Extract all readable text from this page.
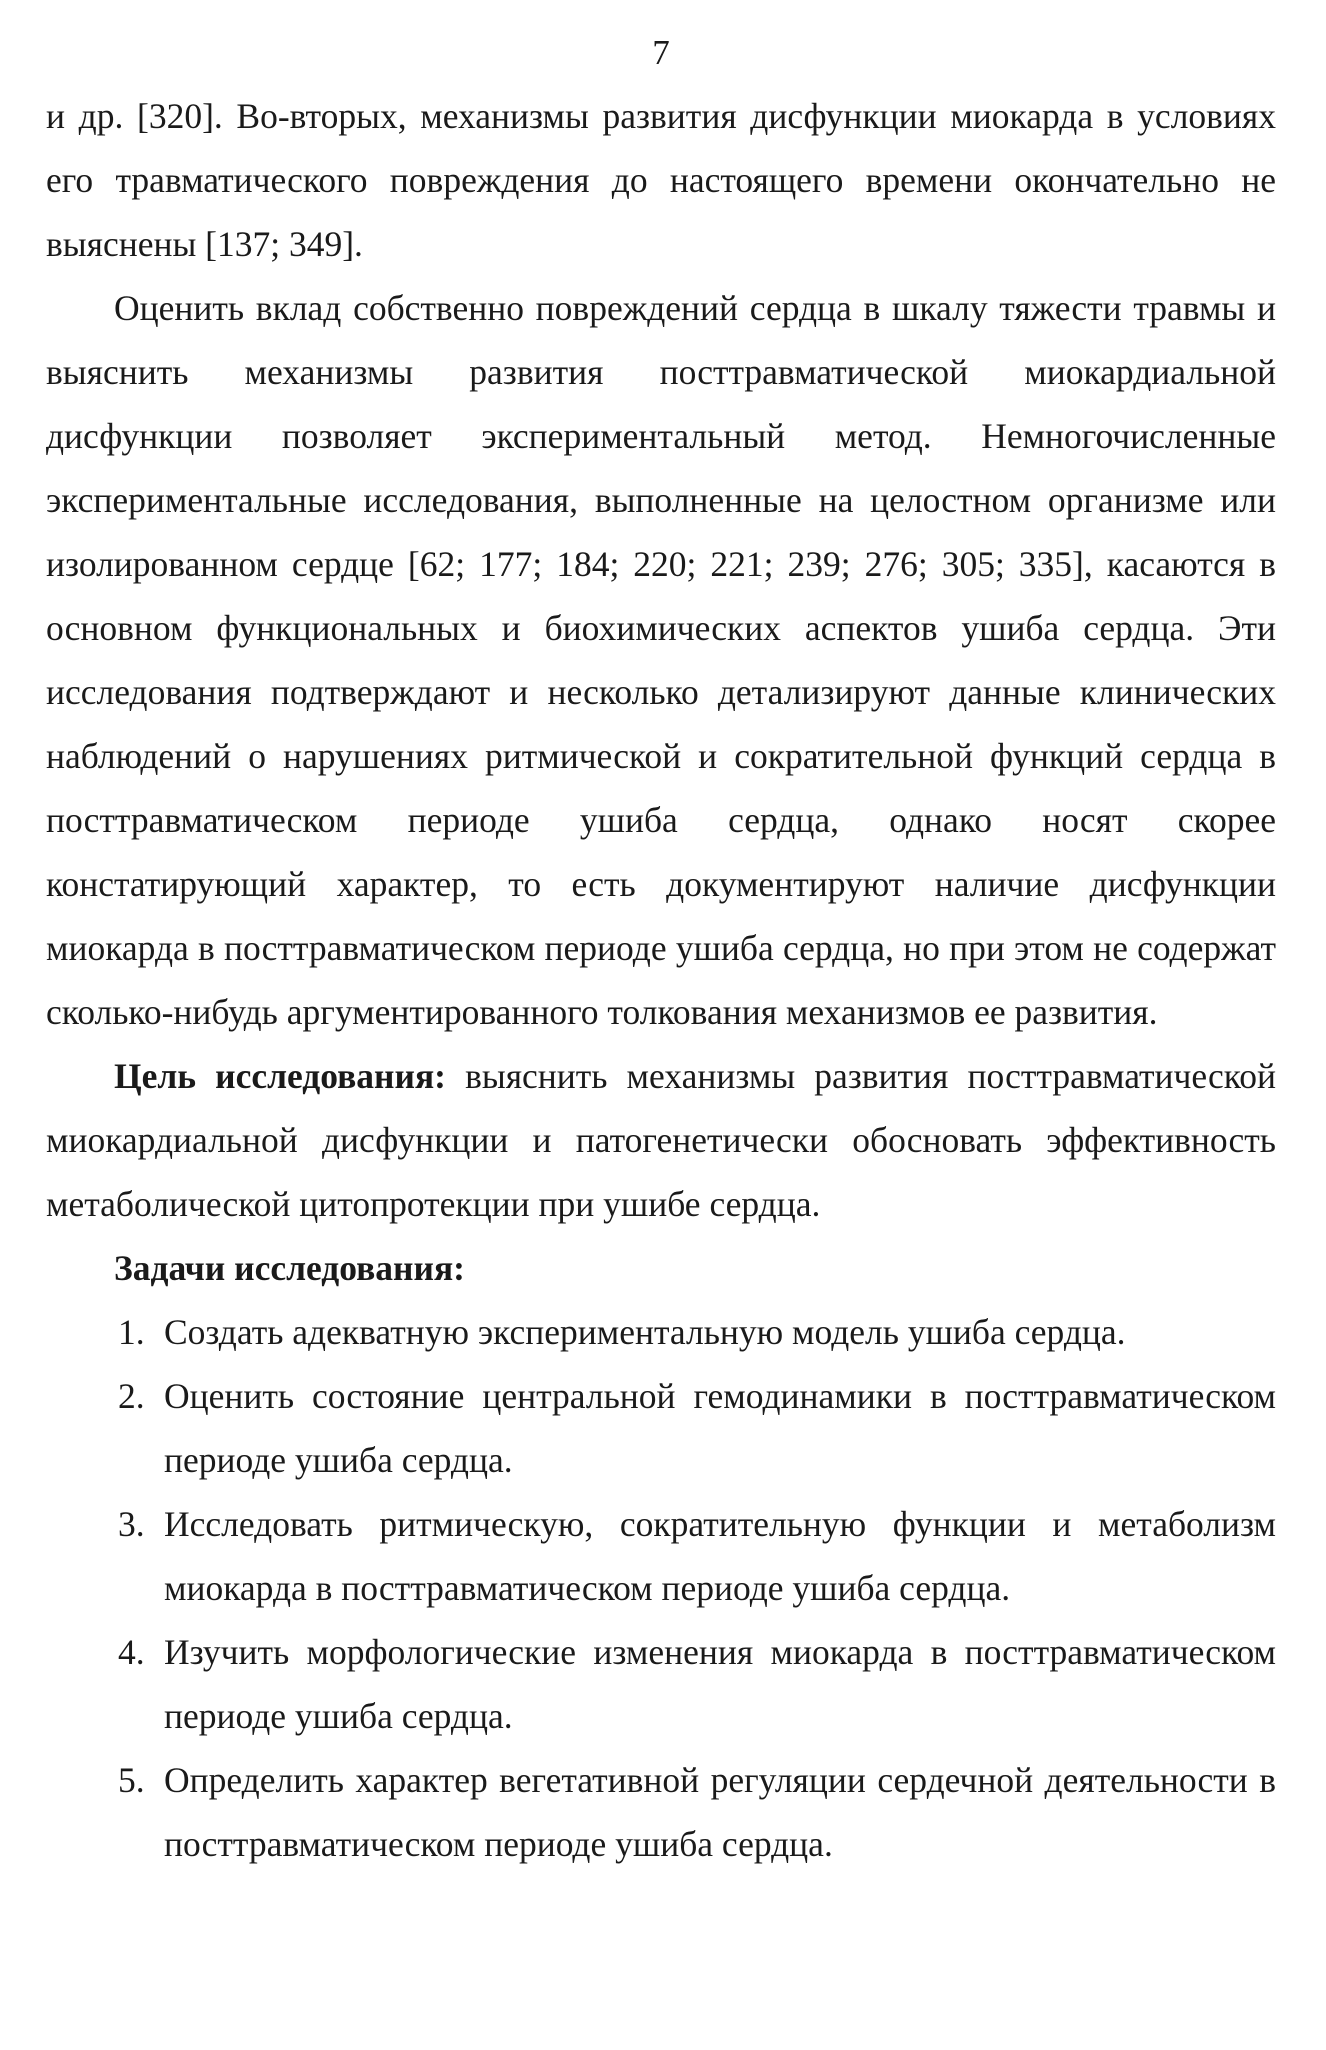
7

и др. [320]. Во-вторых, механизмы развития дисфункции миокарда в условиях его травматического повреждения до настоящего времени окончательно не выяснены [137; 349].

Оценить вклад собственно повреждений сердца в шкалу тяжести травмы и выяснить механизмы развития посттравматической миокардиальной дисфункции позволяет экспериментальный метод. Немногочисленные экспериментальные исследования, выполненные на целостном организме или изолированном сердце [62; 177; 184; 220; 221; 239; 276; 305; 335], касаются в основном функциональных и биохимических аспектов ушиба сердца. Эти исследования подтверждают и несколько детализируют данные клинических наблюдений о нарушениях ритмической и сократительной функций сердца в посттравматическом периоде ушиба сердца, однако носят скорее констатирующий характер, то есть документируют наличие дисфункции миокарда в посттравматическом периоде ушиба сердца, но при этом не содержат сколько-нибудь аргументированного толкования механизмов ее развития.

Цель исследования: выяснить механизмы развития посттравматической миокардиальной дисфункции и патогенетически обосновать эффективность метаболической цитопротекции при ушибе сердца.

Задачи исследования:

1. Создать адекватную экспериментальную модель ушиба сердца.
2. Оценить состояние центральной гемодинамики в посттравматическом периоде ушиба сердца.
3. Исследовать ритмическую, сократительную функции и метаболизм миокарда в посттравматическом периоде ушиба сердца.
4. Изучить морфологические изменения миокарда в посттравматическом периоде ушиба сердца.
5. Определить характер вегетативной регуляции сердечной деятельности в посттравматическом периоде ушиба сердца.
